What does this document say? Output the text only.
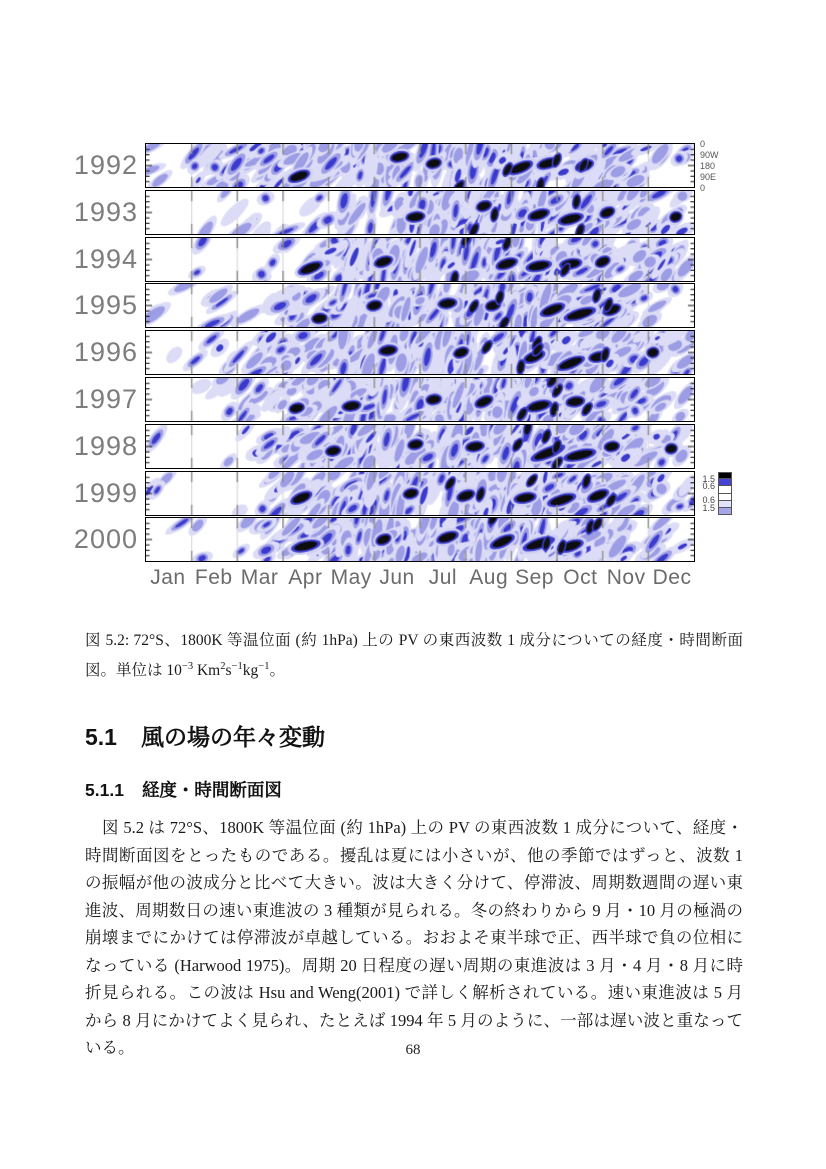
Jan Feb Mar Apr May Jun Jul Aug Sep Oct Nov Dec
1992
1993
1994
1995
1996
1997
1998
1999
2000
0
90W
180
90E
0
1.5
0.6
0.6
1.5
図 5.2: 72°S、1800K 等温位面 (約 1hPa) 上の PV の東西波数 1 成分についての経度・時間断面図。単位は $10^{-3}$ $Km^2s^{-1}kg^{-1}$。
5.1 風の場の年々変動
5.1.1 経度・時間断面図
図 5.2 は 72°S、1800K 等温位面 (約 1hPa) 上の PV の東西波数 1 成分について、経度・時間断面図をとったものである。擾乱は夏には小さいが、他の季節ではずっと、波数 1 の振幅が他の波成分と比べて大きい。波は大きく分けて、停滞波、周期数週間の遅い東進波、周期数日の速い東進波の 3 種類が見られる。冬の終わりから 9 月・10 月の極渦の崩壊までにかけては停滞波が卓越している。おおよそ東半球で正、西半球で負の位相になっている (Harwood 1975)。周期 20 日程度の遅い周期の東進波は 3 月・4 月・8 月に時折見られる。この波は Hsu and Weng(2001) で詳しく解析されている。速い東進波は 5 月から 8 月にかけてよく見られ、たとえば 1994 年 5 月のように、一部は遅い波と重なっている。	68
